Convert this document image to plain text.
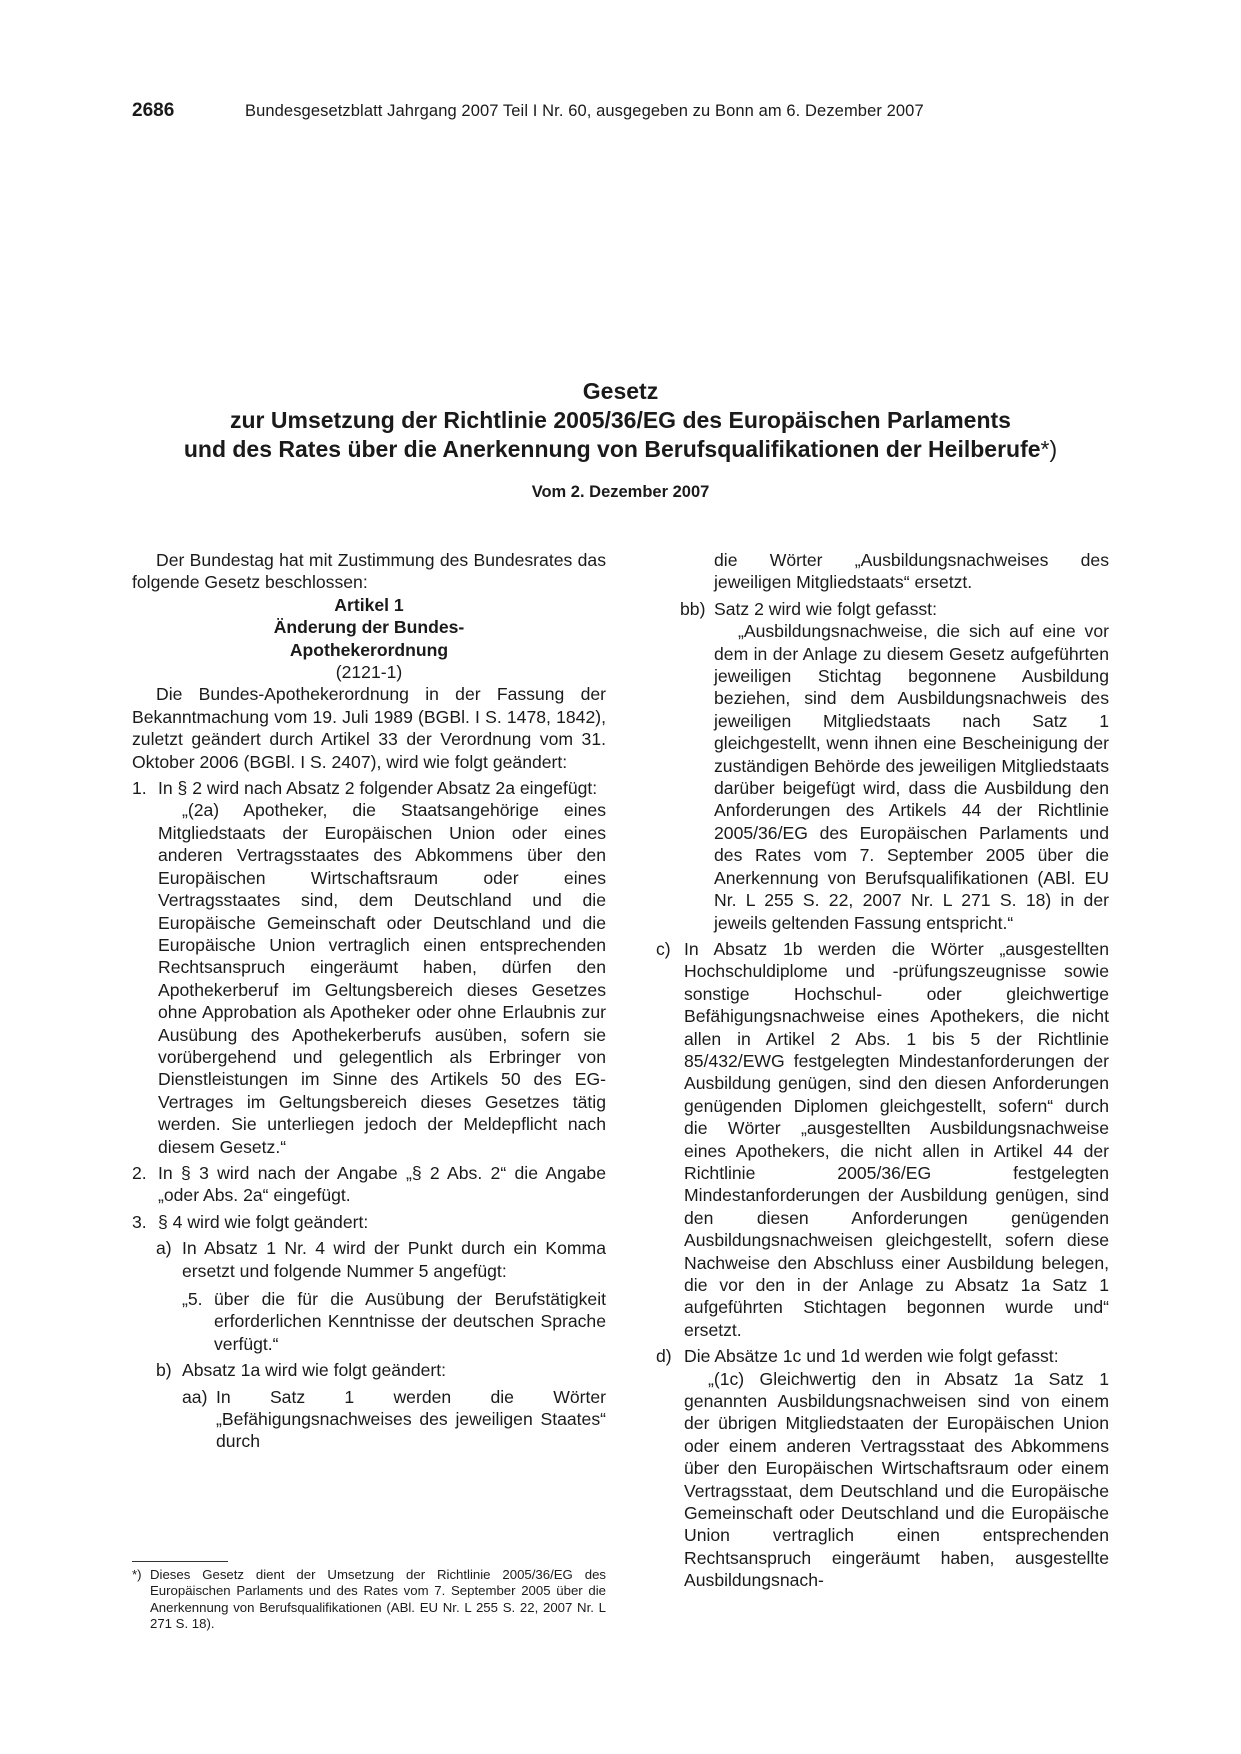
2686	Bundesgesetzblatt Jahrgang 2007 Teil I Nr. 60, ausgegeben zu Bonn am 6. Dezember 2007
Gesetz
zur Umsetzung der Richtlinie 2005/36/EG des Europäischen Parlaments
und des Rates über die Anerkennung von Berufsqualifikationen der Heilberufe*)
Vom 2. Dezember 2007

Der Bundestag hat mit Zustimmung des Bundesrates das folgende Gesetz beschlossen:

Artikel 1

Änderung der Bundes-Apothekerordnung

(2121-1)

Die Bundes-Apothekerordnung in der Fassung der Bekanntmachung vom 19. Juli 1989 (BGBl. I S. 1478, 1842), zuletzt geändert durch Artikel 33 der Verordnung vom 31. Oktober 2006 (BGBl. I S. 2407), wird wie folgt geändert:

1. In § 2 wird nach Absatz 2 folgender Absatz 2a eingefügt:

„(2a) Apotheker, die Staatsangehörige eines Mitgliedstaats der Europäischen Union oder eines anderen Vertragsstaates des Abkommens über den Europäischen Wirtschaftsraum oder eines Vertragsstaates sind, dem Deutschland und die Europäische Gemeinschaft oder Deutschland und die Europäische Union vertraglich einen entsprechenden Rechtsanspruch eingeräumt haben, dürfen den Apothekerberuf im Geltungsbereich dieses Gesetzes ohne Approbation als Apotheker oder ohne Erlaubnis zur Ausübung des Apothekerberufs ausüben, sofern sie vorübergehend und gelegentlich als Erbringer von Dienstleistungen im Sinne des Artikels 50 des EG-Vertrages im Geltungsbereich dieses Gesetzes tätig werden. Sie unterliegen jedoch der Meldepflicht nach diesem Gesetz.“

2. In § 3 wird nach der Angabe „§ 2 Abs. 2“ die Angabe „oder Abs. 2a“ eingefügt.

3. § 4 wird wie folgt geändert:

a) In Absatz 1 Nr. 4 wird der Punkt durch ein Komma ersetzt und folgende Nummer 5 angefügt:

„5. über die für die Ausübung der Berufstätigkeit erforderlichen Kenntnisse der deutschen Sprache verfügt.“

b) Absatz 1a wird wie folgt geändert:

aa) In Satz 1 werden die Wörter „Befähigungsnachweises des jeweiligen Staates“ durch

die Wörter „Ausbildungsnachweises des jeweiligen Mitgliedstaats“ ersetzt.

bb) Satz 2 wird wie folgt gefasst:

„Ausbildungsnachweise, die sich auf eine vor dem in der Anlage zu diesem Gesetz aufgeführten jeweiligen Stichtag begonnene Ausbildung beziehen, sind dem Ausbildungsnachweis des jeweiligen Mitgliedstaats nach Satz 1 gleichgestellt, wenn ihnen eine Bescheinigung der zuständigen Behörde des jeweiligen Mitgliedstaats darüber beigefügt wird, dass die Ausbildung den Anforderungen des Artikels 44 der Richtlinie 2005/36/EG des Europäischen Parlaments und des Rates vom 7. September 2005 über die Anerkennung von Berufsqualifikationen (ABl. EU Nr. L 255 S. 22, 2007 Nr. L 271 S. 18) in der jeweils geltenden Fassung entspricht.“

c) In Absatz 1b werden die Wörter „ausgestellten Hochschuldiplome und -prüfungszeugnisse sowie sonstige Hochschul- oder gleichwertige Befähigungsnachweise eines Apothekers, die nicht allen in Artikel 2 Abs. 1 bis 5 der Richtlinie 85/432/EWG festgelegten Mindestanforderungen der Ausbildung genügen, sind den diesen Anforderungen genügenden Diplomen gleichgestellt, sofern“ durch die Wörter „ausgestellten Ausbildungsnachweise eines Apothekers, die nicht allen in Artikel 44 der Richtlinie 2005/36/EG festgelegten Mindestanforderungen der Ausbildung genügen, sind den diesen Anforderungen genügenden Ausbildungsnachweisen gleichgestellt, sofern diese Nachweise den Abschluss einer Ausbildung belegen, die vor den in der Anlage zu Absatz 1a Satz 1 aufgeführten Stichtagen begonnen wurde und“ ersetzt.

d) Die Absätze 1c und 1d werden wie folgt gefasst:

„(1c) Gleichwertig den in Absatz 1a Satz 1 genannten Ausbildungsnachweisen sind von einem der übrigen Mitgliedstaaten der Europäischen Union oder einem anderen Vertragsstaat des Abkommens über den Europäischen Wirtschaftsraum oder einem Vertragsstaat, dem Deutschland und die Europäische Gemeinschaft oder Deutschland und die Europäische Union vertraglich einen entsprechenden Rechtsanspruch eingeräumt haben, ausgestellte Ausbildungsnach-

*) Dieses Gesetz dient der Umsetzung der Richtlinie 2005/36/EG des Europäischen Parlaments und des Rates vom 7. September 2005 über die Anerkennung von Berufsqualifikationen (ABl. EU Nr. L 255 S. 22, 2007 Nr. L 271 S. 18).
